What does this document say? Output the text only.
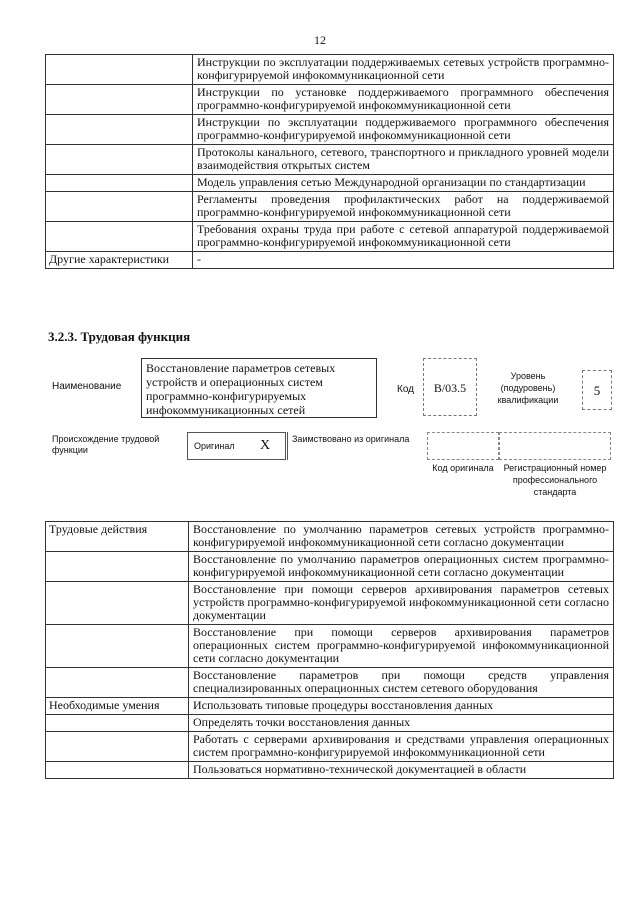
12
	Инструкции по эксплуатации поддерживаемых сетевых устройств программно-конфигурируемой инфокоммуникационной сети
	Инструкции по установке поддерживаемого программного обеспечения программно-конфигурируемой инфокоммуникационной сети
	Инструкции по эксплуатации поддерживаемого программного обеспечения программно-конфигурируемой инфокоммуникационной сети
	Протоколы канального, сетевого, транспортного и прикладного уровней модели взаимодействия открытых систем
	Модель управления сетью Международной организации по стандартизации
	Регламенты проведения профилактических работ на поддерживаемой программно-конфигурируемой инфокоммуникационной сети
	Требования охраны труда при работе с сетевой аппаратурой поддерживаемой программно-конфигурируемой инфокоммуникационной сети
Другие характеристики	-
3.2.3. Трудовая функция
Наименование
Восстановление параметров сетевых устройств и операционных систем программно-конфигурируемых инфокоммуникационных сетей
Код	B/03.5
Уровень (подуровень) квалификации
5
Происхождение трудовой функции	Оригинал X	Заимствовано из оригинала
Код оригинала	Регистрационный номер профессионального стандарта
Трудовые действия	Восстановление по умолчанию параметров сетевых устройств программно-конфигурируемой инфокоммуникационной сети согласно документации
	Восстановление по умолчанию параметров операционных систем программно-конфигурируемой инфокоммуникационной сети согласно документации
	Восстановление при помощи серверов архивирования параметров сетевых устройств программно-конфигурируемой инфокоммуникационной сети согласно документации
	Восстановление при помощи серверов архивирования параметров операционных систем программно-конфигурируемой инфокоммуникационной сети согласно документации
	Восстановление параметров при помощи средств управления специализированных операционных систем сетевого оборудования
Необходимые умения	Использовать типовые процедуры восстановления данных
	Определять точки восстановления данных
	Работать с серверами архивирования и средствами управления операционных систем программно-конфигурируемой инфокоммуникационной сети
	Пользоваться нормативно-технической документацией в области
